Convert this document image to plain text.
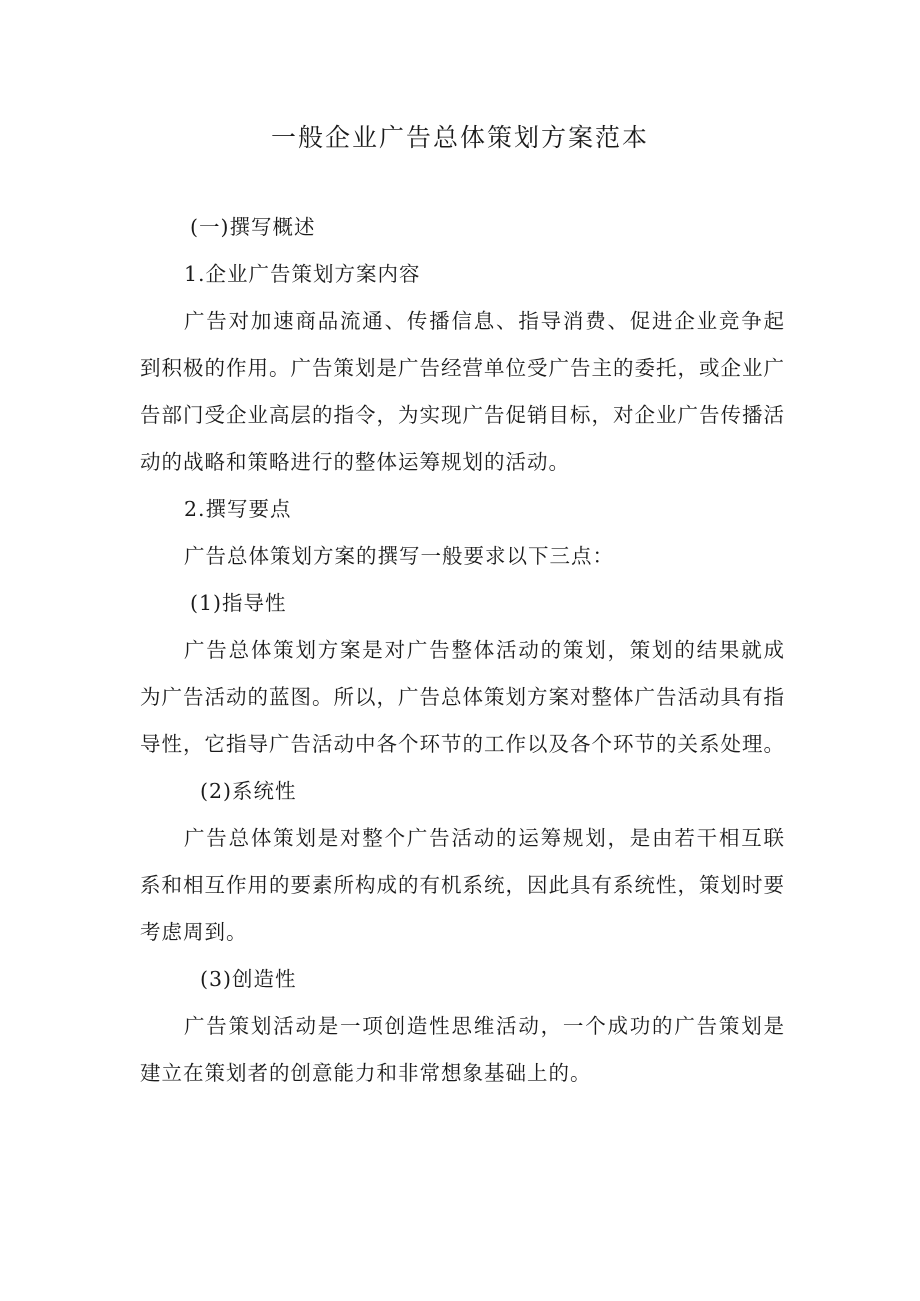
一般企业广告总体策划方案范本

(一)撰写概述

1.企业广告策划方案内容

广告对加速商品流通、传播信息、指导消费、促进企业竞争起到积极的作用。广告策划是广告经营单位受广告主的委托，或企业广告部门受企业高层的指令，为实现广告促销目标，对企业广告传播活动的战略和策略进行的整体运筹规划的活动。

2.撰写要点

广告总体策划方案的撰写一般要求以下三点：

(1)指导性

广告总体策划方案是对广告整体活动的策划，策划的结果就成为广告活动的蓝图。所以，广告总体策划方案对整体广告活动具有指导性，它指导广告活动中各个环节的工作以及各个环节的关系处理。

(2)系统性

广告总体策划是对整个广告活动的运筹规划，是由若干相互联系和相互作用的要素所构成的有机系统，因此具有系统性，策划时要考虑周到。

(3)创造性

广告策划活动是一项创造性思维活动，一个成功的广告策划是建立在策划者的创意能力和非常想象基础上的。
